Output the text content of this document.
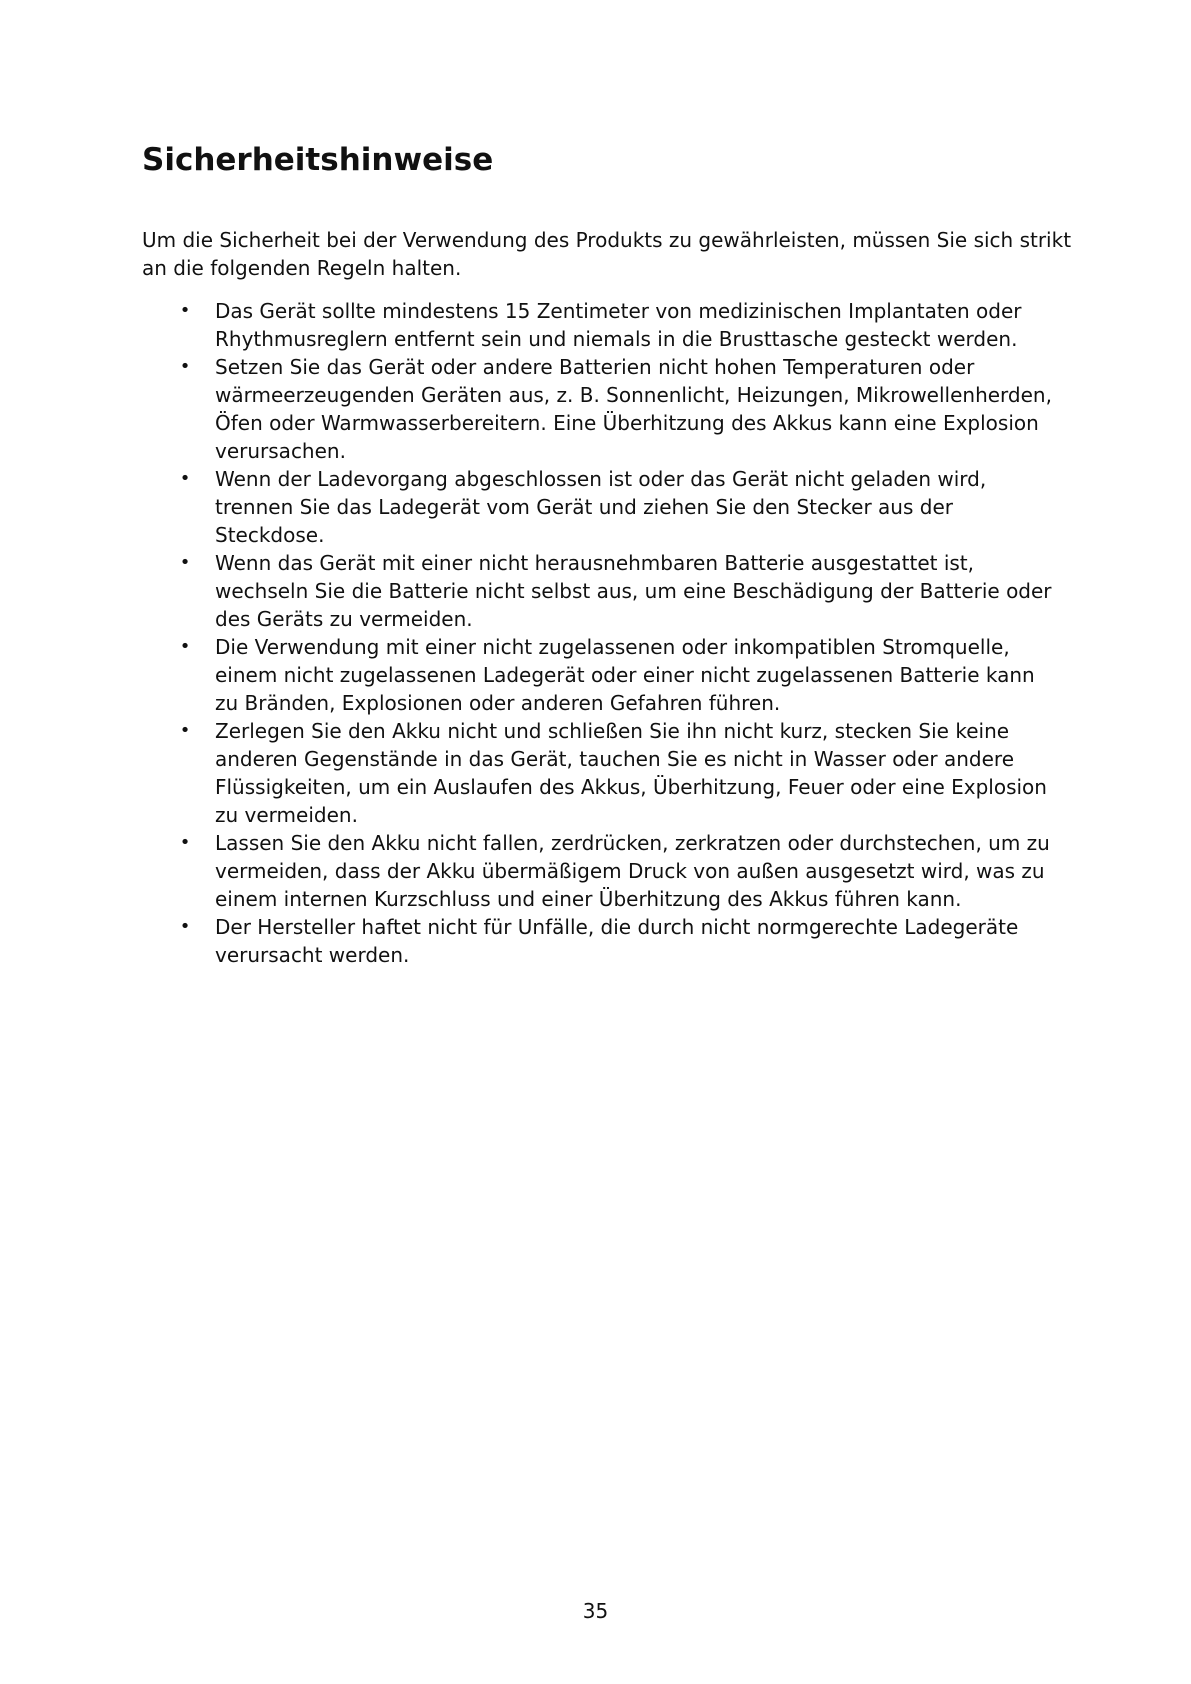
Sicherheitshinweise

Um die Sicherheit bei der Verwendung des Produkts zu gewährleisten, müssen Sie sich strikt an die folgenden Regeln halten.

• Das Gerät sollte mindestens 15 Zentimeter von medizinischen Implantaten oder Rhythmusreglern entfernt sein und niemals in die Brusttasche gesteckt werden.
• Setzen Sie das Gerät oder andere Batterien nicht hohen Temperaturen oder wärmeerzeugenden Geräten aus, z. B. Sonnenlicht, Heizungen, Mikrowellenherden, Öfen oder Warmwasserbereitern. Eine Überhitzung des Akkus kann eine Explosion verursachen.
• Wenn der Ladevorgang abgeschlossen ist oder das Gerät nicht geladen wird, trennen Sie das Ladegerät vom Gerät und ziehen Sie den Stecker aus der Steckdose.
• Wenn das Gerät mit einer nicht herausnehmbaren Batterie ausgestattet ist, wechseln Sie die Batterie nicht selbst aus, um eine Beschädigung der Batterie oder des Geräts zu vermeiden.
• Die Verwendung mit einer nicht zugelassenen oder inkompatiblen Stromquelle, einem nicht zugelassenen Ladegerät oder einer nicht zugelassenen Batterie kann zu Bränden, Explosionen oder anderen Gefahren führen.
• Zerlegen Sie den Akku nicht und schließen Sie ihn nicht kurz, stecken Sie keine anderen Gegenstände in das Gerät, tauchen Sie es nicht in Wasser oder andere Flüssigkeiten, um ein Auslaufen des Akkus, Überhitzung, Feuer oder eine Explosion zu vermeiden.
• Lassen Sie den Akku nicht fallen, zerdrücken, zerkratzen oder durchstechen, um zu vermeiden, dass der Akku übermäßigem Druck von außen ausgesetzt wird, was zu einem internen Kurzschluss und einer Überhitzung des Akkus führen kann.
• Der Hersteller haftet nicht für Unfälle, die durch nicht normgerechte Ladegeräte verursacht werden.
35
